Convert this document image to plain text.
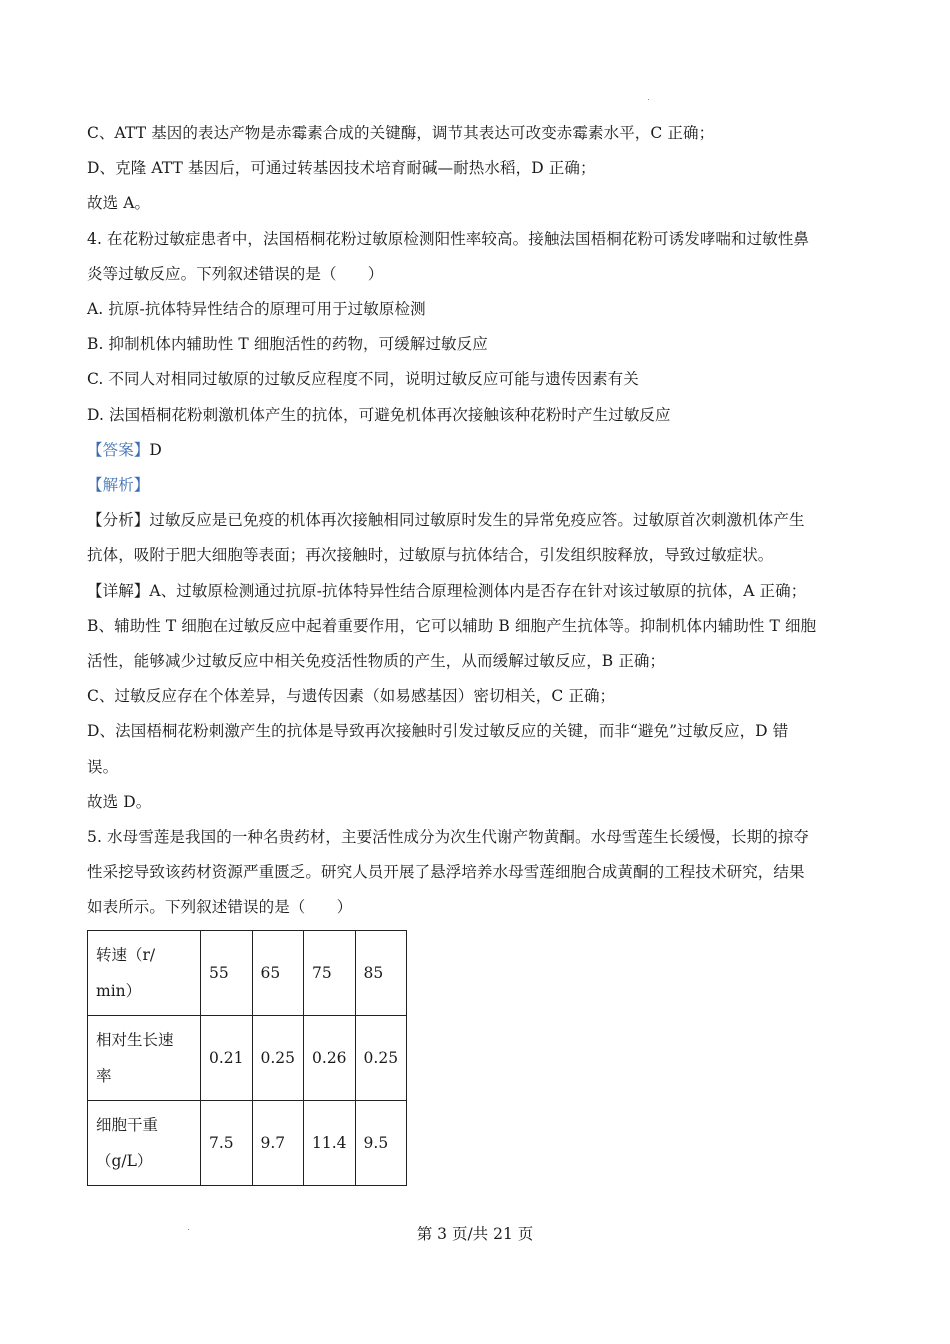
C、ATT 基因的表达产物是赤霉素合成的关键酶，调节其表达可改变赤霉素水平，C 正确；
D、克隆 ATT 基因后，可通过转基因技术培育耐碱—耐热水稻，D 正确；
故选 A。
4. 在花粉过敏症患者中，法国梧桐花粉过敏原检测阳性率较高。接触法国梧桐花粉可诱发哮喘和过敏性鼻
炎等过敏反应。下列叙述错误的是（　　）
A. 抗原-抗体特异性结合的原理可用于过敏原检测
B. 抑制机体内辅助性 T 细胞活性的药物，可缓解过敏反应
C. 不同人对相同过敏原的过敏反应程度不同，说明过敏反应可能与遗传因素有关
D. 法国梧桐花粉刺激机体产生的抗体，可避免机体再次接触该种花粉时产生过敏反应
【答案】D
【解析】
【分析】过敏反应是已免疫的机体再次接触相同过敏原时发生的异常免疫应答。过敏原首次刺激机体产生
抗体，吸附于肥大细胞等表面；再次接触时，过敏原与抗体结合，引发组织胺释放，导致过敏症状。
【详解】A、过敏原检测通过抗原-抗体特异性结合原理检测体内是否存在针对该过敏原的抗体，A 正确；
B、辅助性 T 细胞在过敏反应中起着重要作用，它可以辅助 B 细胞产生抗体等。抑制机体内辅助性 T 细胞
活性，能够减少过敏反应中相关免疫活性物质的产生，从而缓解过敏反应，B 正确；
C、过敏反应存在个体差异，与遗传因素（如易感基因）密切相关，C 正确；
D、法国梧桐花粉刺激产生的抗体是导致再次接触时引发过敏反应的关键，而非“避免”过敏反应，D 错
误。
故选 D。
5. 水母雪莲是我国的一种名贵药材，主要活性成分为次生代谢产物黄酮。水母雪莲生长缓慢，长期的掠夺
性采挖导致该药材资源严重匮乏。研究人员开展了悬浮培养水母雪莲细胞合成黄酮的工程技术研究，结果
如表所示。下列叙述错误的是（　　）
转速（r/
min）	55	65	75	85
相对生长速
率	0.21	0.25	0.26	0.25
细胞干重
（g/L）	7.5	9.7	11.4	9.5
第 3 页/共 21 页
